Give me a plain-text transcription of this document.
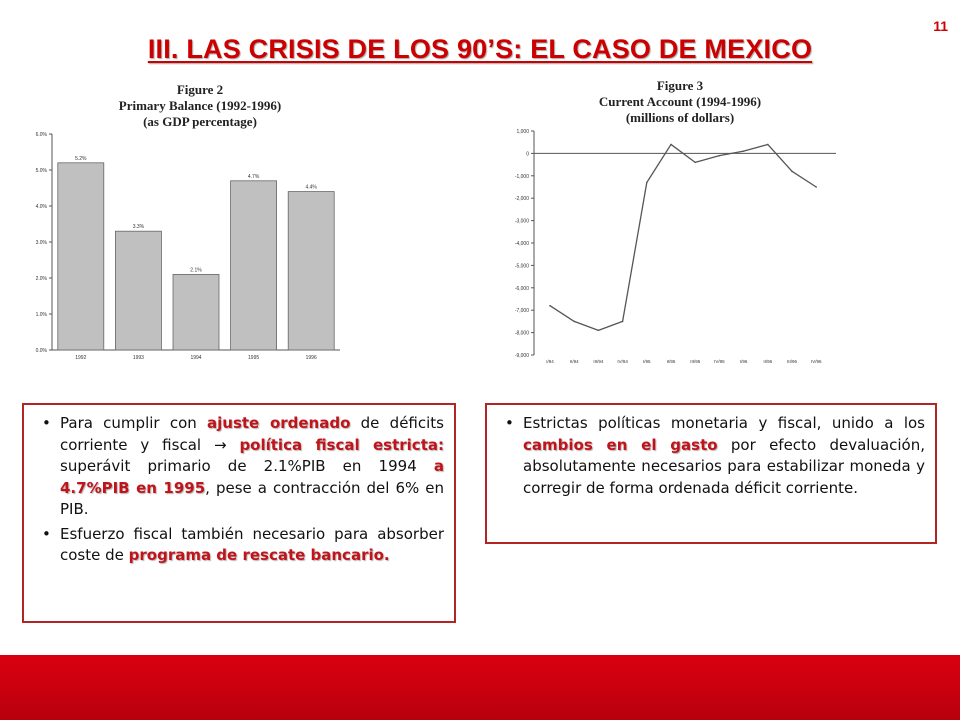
11
III. LAS CRISIS DE LOS 90’S: EL CASO DE MEXICO
Figure 2
Primary Balance (1992-1996)
(as GDP percentage)
Figure 3
Current Account (1994-1996)
(millions of dollars)
0.0%
1.0%
2.0%
3.0%
4.0%
5.0%
6.0%
5.2%
1992
3.3%
1993
2.1%
1994
4.7%
1995
4.4%
1996
1,000
0
-1,000
-2,000
-3,000
-4,000
-5,000
-6,000
-7,000
-8,000
-9,000
I/94	II/94	III/94	IV/94	I/95	II/95	III/95	IV/95	I/96	II/96	III/96	IV/96
• Para cumplir con ajuste ordenado de déficits corriente y fiscal → política fiscal estricta: superávit primario de 2.1%PIB en 1994 a 4.7%PIB en 1995, pese a contracción del 6% en PIB.
• Esfuerzo fiscal también necesario para absorber coste de programa de rescate bancario.
• Estrictas políticas monetaria y fiscal, unido a los cambios en el gasto por efecto devaluación, absolutamente necesarios para estabilizar moneda y corregir de forma ordenada déficit corriente.
